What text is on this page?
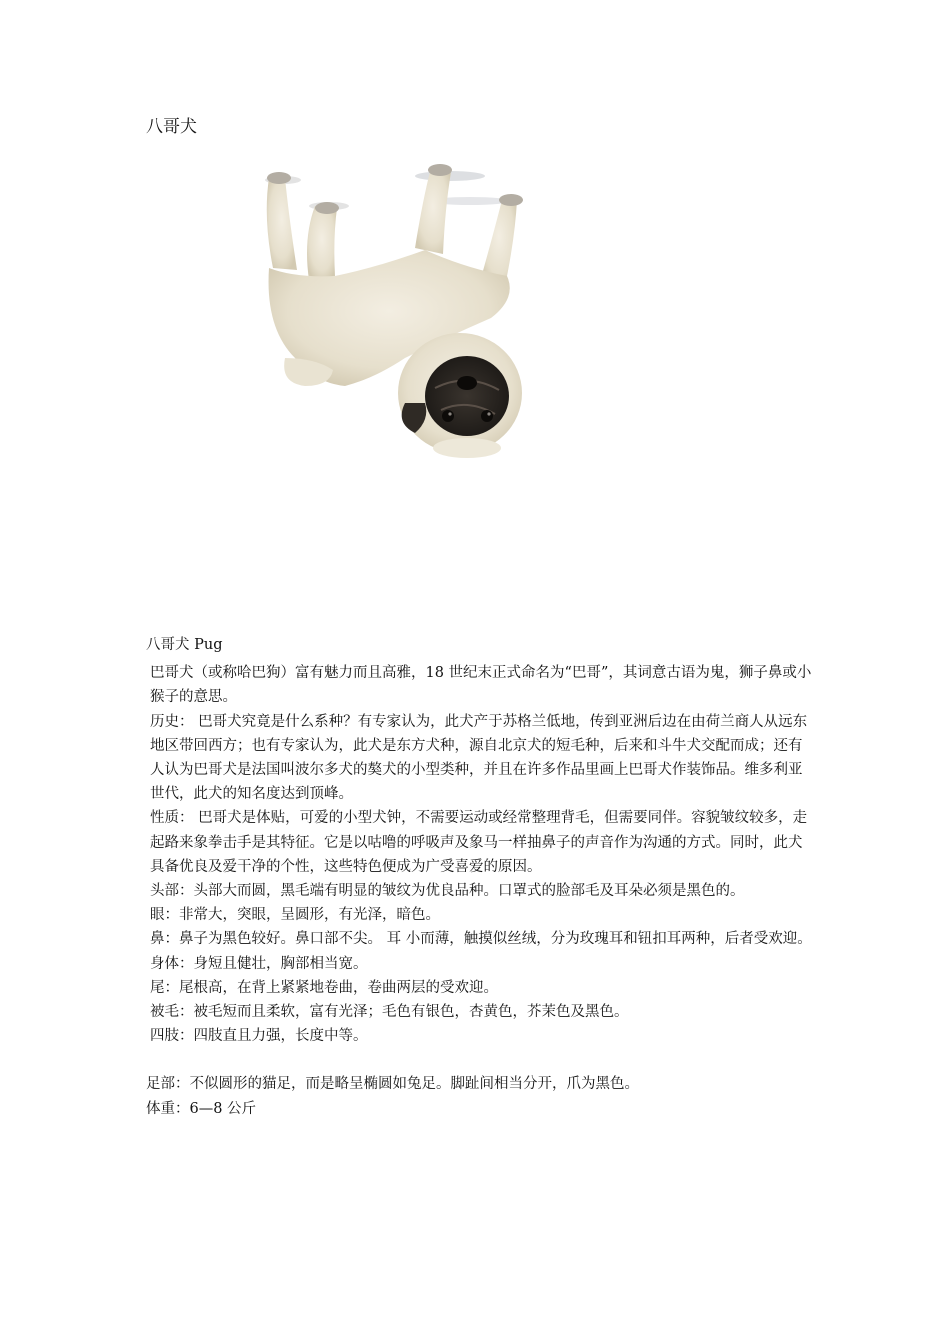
八哥犬

八哥犬 Pug

巴哥犬（或称哈巴狗）富有魅力而且高雅，18 世纪末正式命名为“巴哥”，其词意古语为鬼，狮子鼻或小猴子的意思。

历史： 巴哥犬究竟是什么系种？有专家认为，此犬产于苏格兰低地，传到亚洲后边在由荷兰商人从远东地区带回西方；也有专家认为，此犬是东方犬种，源自北京犬的短毛种，后来和斗牛犬交配而成；还有人认为巴哥犬是法国叫波尔多犬的獒犬的小型类种，并且在许多作品里画上巴哥犬作装饰品。维多利亚世代，此犬的知名度达到顶峰。

性质： 巴哥犬是体贴，可爱的小型犬钟，不需要运动或经常整理背毛，但需要同伴。容貌皱纹较多，走起路来象拳击手是其特征。它是以咕噜的呼吸声及象马一样抽鼻子的声音作为沟通的方式。同时，此犬具备优良及爱干净的个性，这些特色便成为广受喜爱的原因。

头部：头部大而圆，黑毛端有明显的皱纹为优良品种。口罩式的脸部毛及耳朵必须是黑色的。

眼：非常大，突眼，呈圆形，有光泽，暗色。

鼻：鼻子为黑色较好。鼻口部不尖。 耳 小而薄，触摸似丝绒，分为玫瑰耳和钮扣耳两种，后者受欢迎。

身体：身短且健壮，胸部相当宽。

尾：尾根高，在背上紧紧地卷曲，卷曲两层的受欢迎。

被毛：被毛短而且柔软，富有光泽；毛色有银色，杏黄色，芥茉色及黑色。

四肢：四肢直且力强，长度中等。

足部：不似圆形的猫足，而是略呈椭圆如兔足。脚趾间相当分开，爪为黑色。

体重：6—8 公斤
